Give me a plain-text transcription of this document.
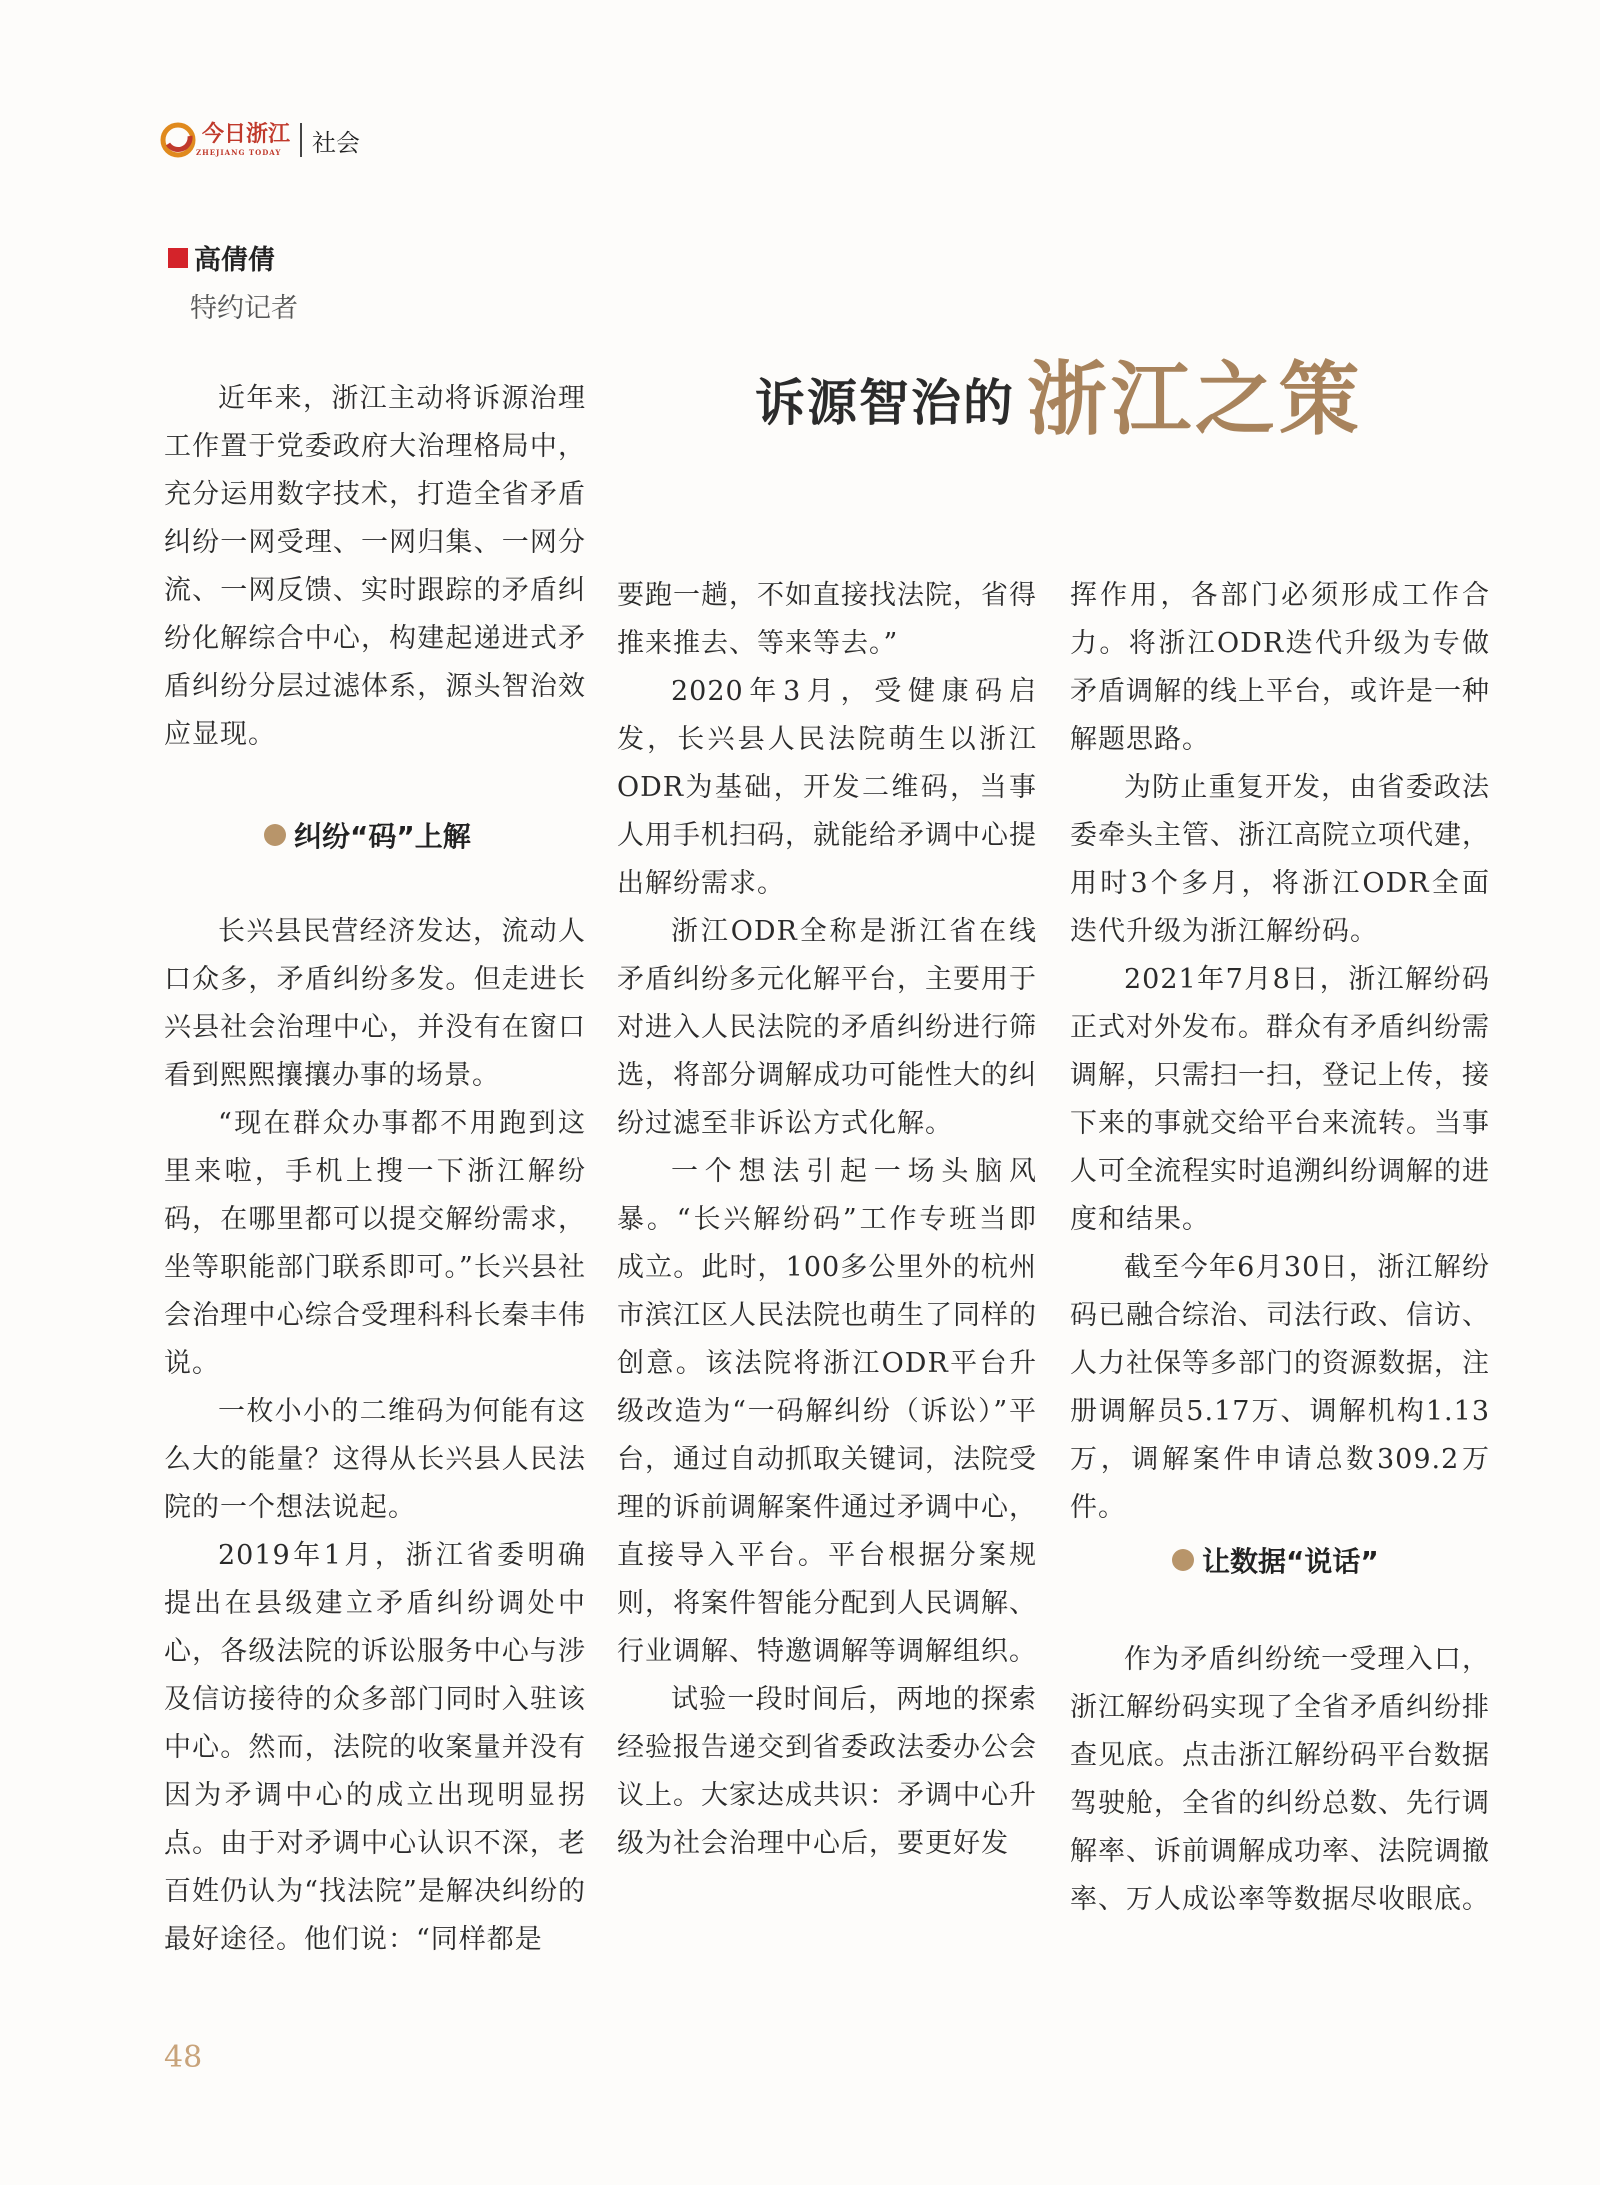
今日浙江
ZHEJIANG TODAY	社会
高倩倩
特约记者
诉源智治的 浙江之策

近年来，浙江主动将诉源治理工作置于党委政府大治理格局中，充分运用数字技术，打造全省矛盾纠纷一网受理、一网归集、一网分流、一网反馈、实时跟踪的矛盾纠纷化解综合中心，构建起递进式矛盾纠纷分层过滤体系，源头智治效应显现。

纠纷“码”上解

长兴县民营经济发达，流动人口众多，矛盾纠纷多发。但走进长兴县社会治理中心，并没有在窗口看到熙熙攘攘办事的场景。

“现在群众办事都不用跑到这里来啦，手机上搜一下浙江解纷码，在哪里都可以提交解纷需求，坐等职能部门联系即可。”长兴县社会治理中心综合受理科科长秦丰伟说。

一枚小小的二维码为何能有这么大的能量？这得从长兴县人民法院的一个想法说起。

2019年1月，浙江省委明确提出在县级建立矛盾纠纷调处中心，各级法院的诉讼服务中心与涉及信访接待的众多部门同时入驻该中心。然而，法院的收案量并没有因为矛调中心的成立出现明显拐点。由于对矛调中心认识不深，老百姓仍认为“找法院”是解决纠纷的最好途径。他们说：“同样都是

要跑一趟，不如直接找法院，省得推来推去、等来等去。”

2020年3月，受健康码启发，长兴县人民法院萌生以浙江ODR为基础，开发二维码，当事人用手机扫码，就能给矛调中心提出解纷需求。

浙江ODR全称是浙江省在线矛盾纠纷多元化解平台，主要用于对进入人民法院的矛盾纠纷进行筛选，将部分调解成功可能性大的纠纷过滤至非诉讼方式化解。

一个想法引起一场头脑风暴。“长兴解纷码”工作专班当即成立。此时，100多公里外的杭州市滨江区人民法院也萌生了同样的创意。该法院将浙江ODR平台升级改造为“一码解纠纷（诉讼）”平台，通过自动抓取关键词，法院受理的诉前调解案件通过矛调中心，直接导入平台。平台根据分案规则，将案件智能分配到人民调解、行业调解、特邀调解等调解组织。

试验一段时间后，两地的探索经验报告递交到省委政法委办公会议上。大家达成共识：矛调中心升级为社会治理中心后，要更好发

挥作用，各部门必须形成工作合力。将浙江ODR迭代升级为专做矛盾调解的线上平台，或许是一种解题思路。

为防止重复开发，由省委政法委牵头主管、浙江高院立项代建，用时3个多月，将浙江ODR全面迭代升级为浙江解纷码。

2021年7月8日，浙江解纷码正式对外发布。群众有矛盾纠纷需调解，只需扫一扫，登记上传，接下来的事就交给平台来流转。当事人可全流程实时追溯纠纷调解的进度和结果。

截至今年6月30日，浙江解纷码已融合综治、司法行政、信访、人力社保等多部门的资源数据，注册调解员5.17万、调解机构1.13万，调解案件申请总数309.2万件。

让数据“说话”

作为矛盾纠纷统一受理入口，浙江解纷码实现了全省矛盾纠纷排查见底。点击浙江解纷码平台数据驾驶舱，全省的纠纷总数、先行调解率、诉前调解成功率、法院调撤率、万人成讼率等数据尽收眼底。

48
